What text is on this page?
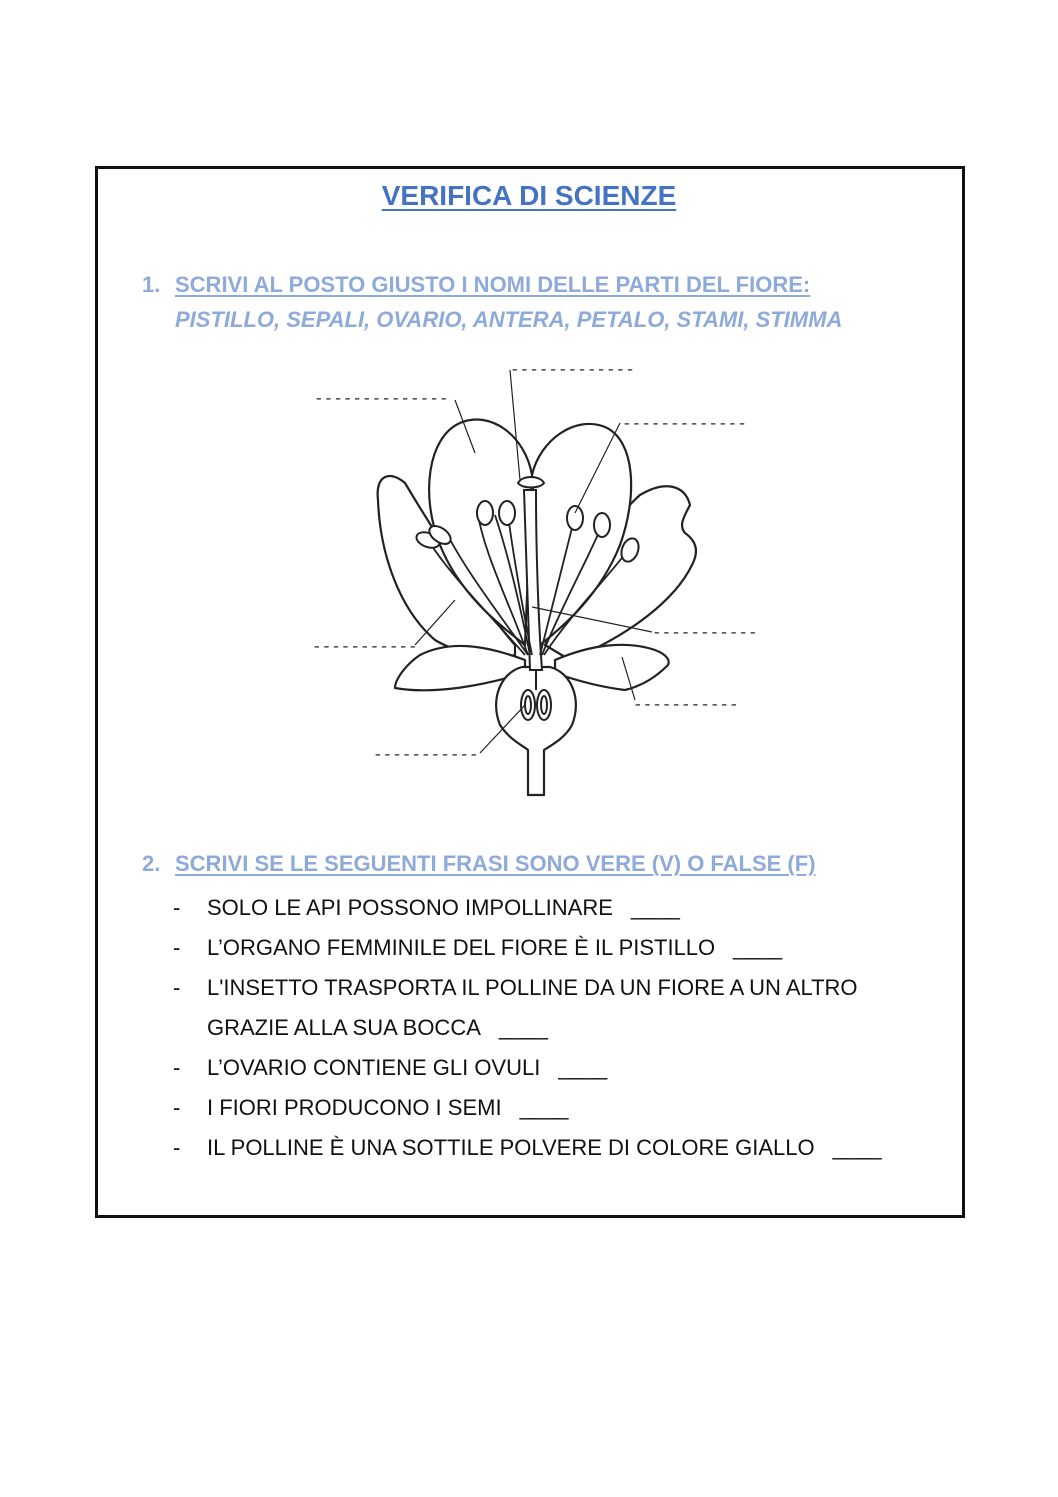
VERIFICA DI SCIENZE
1. SCRIVI AL POSTO GIUSTO I NOMI DELLE PARTI DEL FIORE:
PISTILLO, SEPALI, OVARIO, ANTERA, PETALO, STAMI, STIMMA
--------------
-------------
-------------
-----------
-----------
-----------
-----------
2. SCRIVI SE LE SEGUENTI FRASI SONO VERE (V) O FALSE (F)
- SOLO LE API POSSONO IMPOLLINARE ____
- L’ORGANO FEMMINILE DEL FIORE È IL PISTILLO ____
- L'INSETTO TRASPORTA IL POLLINE DA UN FIORE A UN ALTRO
GRAZIE ALLA SUA BOCCA ____
- L’OVARIO CONTIENE GLI OVULI ____
- I FIORI PRODUCONO I SEMI ____
- IL POLLINE È UNA SOTTILE POLVERE DI COLORE GIALLO ____
